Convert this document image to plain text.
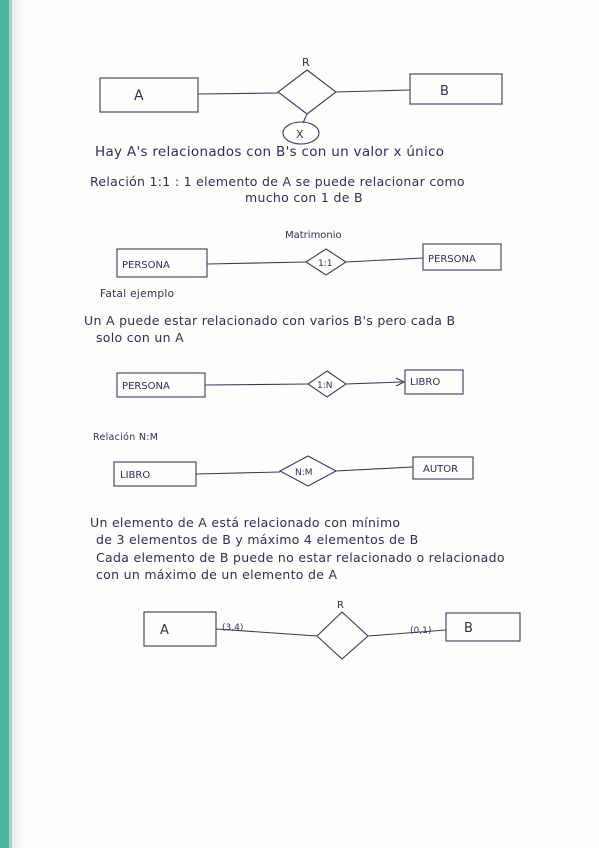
A	B
R
X
PERSONA
PERSONA
1:1
Matrimonio
PERSONA	LIBRO
1:N
LIBRO
AUTOR
N:M
A	B
R
(3,4)	(0,1)
Hay A's relacionados con B's con un valor x único
Relación 1:1 : 1 elemento de A se puede relacionar como
mucho con 1 de B
Fatal ejemplo
Un A puede estar relacionado con varios B's pero cada B
solo con un A
Relación N:M
Un elemento de A está relacionado con mínimo
de 3 elementos de B y máximo 4 elementos de B
Cada elemento de B puede no estar relacionado o relacionado
con un máximo de un elemento de A
